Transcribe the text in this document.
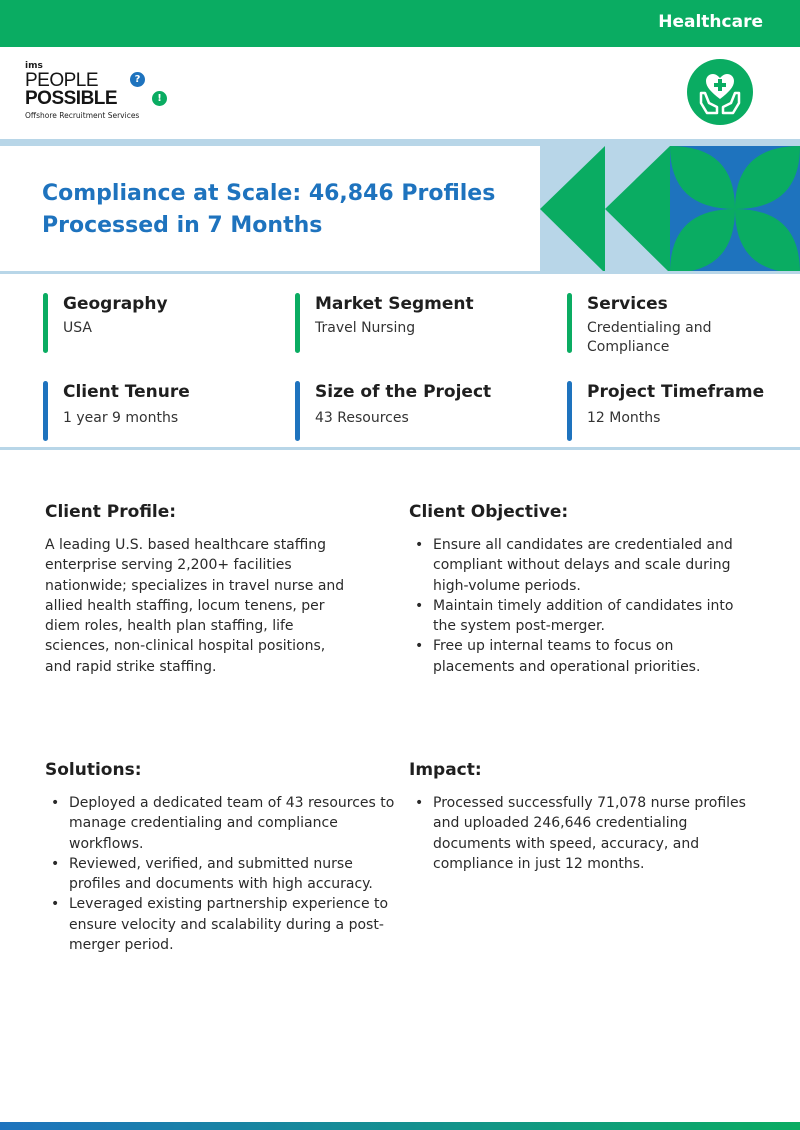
Healthcare
ims
PEOPLE	?
POSSIBLE	!
Offshore Recruitment Services
Compliance at Scale: 46,846 Profiles Processed in 7 Months
Geography
USA
Market Segment
Travel Nursing
Services
Credentialing and Compliance
Client Tenure
1 year 9 months
Size of the Project
43 Resources
Project Timeframe
12 Months
Client Profile:

A leading U.S. based healthcare staffing enterprise serving 2,200+ facilities nationwide; specializes in travel nurse and allied health staffing, locum tenens, per diem roles, health plan staffing, life sciences, non-clinical hospital positions, and rapid strike staffing.

Client Objective:
• Ensure all candidates are credentialed and compliant without delays and scale during high-volume periods.
• Maintain timely addition of candidates into the system post-merger.
• Free up internal teams to focus on placements and operational priorities.
Solutions:
• Deployed a dedicated team of 43 resources to manage credentialing and compliance workflows.
• Reviewed, verified, and submitted nurse profiles and documents with high accuracy.
• Leveraged existing partnership experience to ensure velocity and scalability during a post-merger period.
Impact:
• Processed successfully 71,078 nurse profiles and uploaded 246,646 credentialing documents with speed, accuracy, and compliance in just 12 months.
